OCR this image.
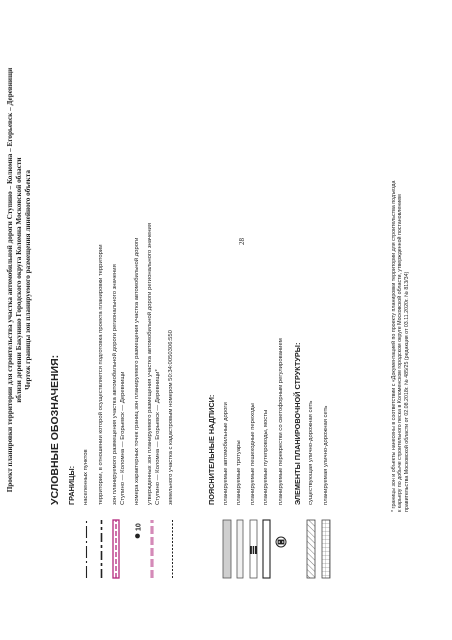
28
Проект планировки территории для строительства участка автомобильной дороги Ступино – Колюмна – Егорьевск – Деревнищи вблизи деревни Бакунино Городского округа Коломна Московской области Чертеж границы зон планируемого размещения линейного объекта
УСЛОВНЫЕ ОБОЗНАЧЕНИЯ: ГРАНИЦЫ: населенных пунктов территории, в отношении которой осуществляется подготовка проекта планировки территории зон планируемого размещения участка автомобильной дороги регионального значения Ступино — Коломна — Егорьевск — Деревнищи
10
номера характерных точек границ зон планируемого размещения участка автомобильной дороги утвержденных зон планируемого размещения участка автомобильной дороги регионального значения Ступино — Коломна — Егорьевск — Деревнищи* земельного участка с кадастровым номером 50:34:0050306:550	ПОЯСНИТЕЛЬНЫЕ НАДПИСИ: планируемые автомобильные дороги планируемые тротуары планируемые пешеходные переходы планируемые путепроводы, мосты планируемые перекрестки со светофорным регулированием ЭЛЕМЕНТЫ ПЛАНИРОВОЧНОЙ СТРУКТУРЫ: существующая улично-дорожная сеть планируемая улично-дорожная сеть	* границы зон и объекты нанесены в соответствии с «Документацией по проекту планировки территории для строительства подъезда к карьеру по добыче строительного песка в Коломенском городском округе Московской области, утвержденной постановлением правительства Московской области от 02.08.2018г. № 485/25 (редакция от 03.11.2020г. № 813/34)
